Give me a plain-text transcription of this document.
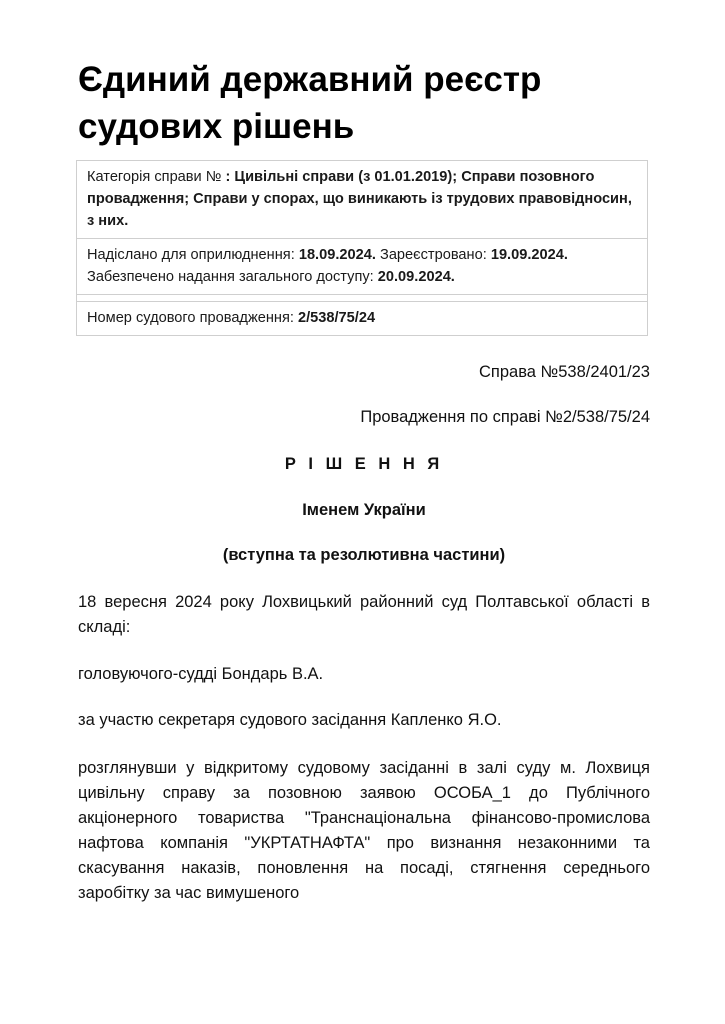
Єдиний державний реєстр
судових рішень
Категорія справи № : Цивільні справи (з 01.01.2019); Справи позовного провадження; Справи у спорах, що виникають із трудових правовідносин, з них.
Надіслано для оприлюднення: 18.09.2024. Зареєстровано: 19.09.2024. Забезпечено надання загального доступу: 20.09.2024.
Номер судового провадження: 2/538/75/24
Справа №538/2401/23
Провадження по справі №2/538/75/24
Р І Ш Е Н Н Я
Іменем України
(вступна та резолютивна частини)
18 вересня 2024 року Лохвицький районний суд Полтавської області в складі:
головуючого-судді Бондарь В.А.
за участю секретаря судового засідання Капленко Я.О.
розглянувши у відкритому судовому засіданні в залі суду м. Лохвиця цивільну справу за позовною заявою ОСОБА_1 до Публічного акціонерного товариства "Транснаціональна фінансово-промислова нафтова компанія "УКРТАТНАФТА" про визнання незаконними та скасування наказів, поновлення на посаді, стягнення середнього заробітку за час вимушеного
